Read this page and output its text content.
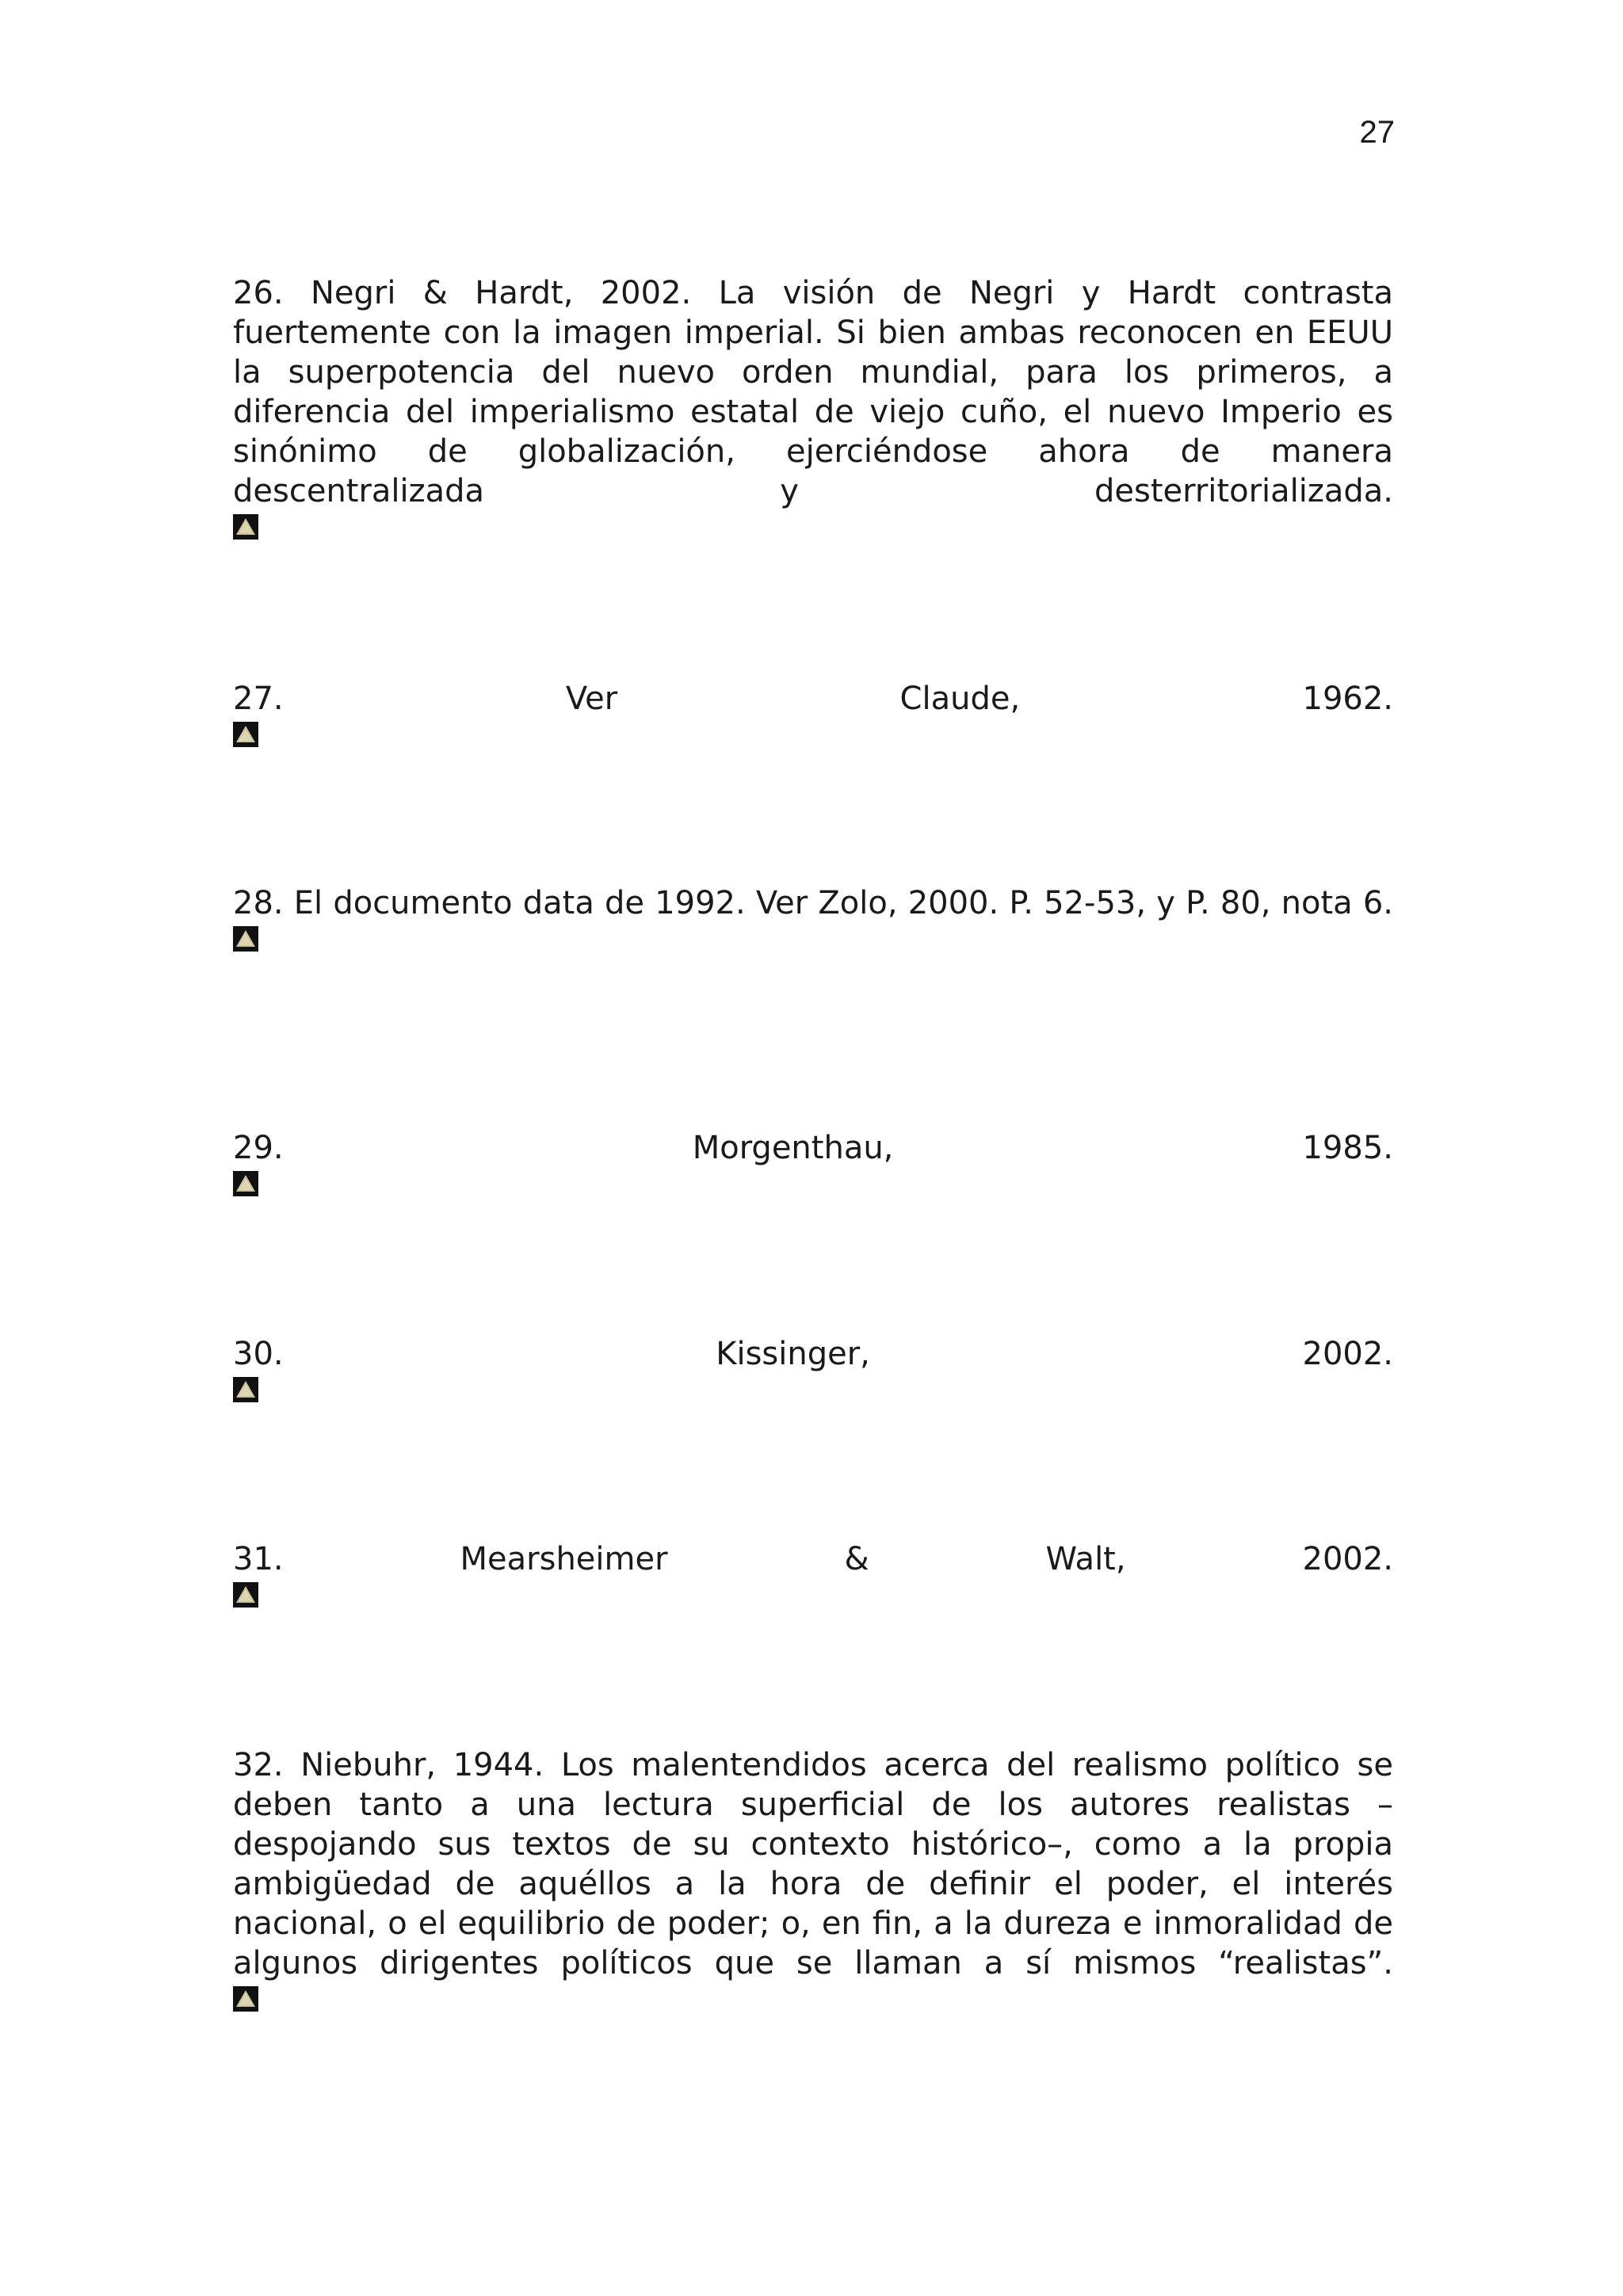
27

26. Negri & Hardt, 2002. La visión de Negri y Hardt contrasta fuertemente con la imagen imperial. Si bien ambas reconocen en EEUU la superpotencia del nuevo orden mundial, para los primeros, a diferencia del imperialismo estatal de viejo cuño, el nuevo Imperio es sinónimo de globalización, ejerciéndose ahora de manera descentralizada y desterritorializada.

27. Ver Claude, 1962.

28. El documento data de 1992. Ver Zolo, 2000. P. 52-53, y P. 80, nota 6.

29. Morgenthau, 1985.

30. Kissinger, 2002.

31. Mearsheimer & Walt, 2002.

32. Niebuhr, 1944. Los malentendidos acerca del realismo político se deben tanto a una lectura superficial de los autores realistas –despojando sus textos de su contexto histórico–, como a la propia ambigüedad de aquéllos a la hora de definir el poder, el interés nacional, o el equilibrio de poder; o, en fin, a la dureza e inmoralidad de algunos dirigentes políticos que se llaman a sí mismos “realistas”.
